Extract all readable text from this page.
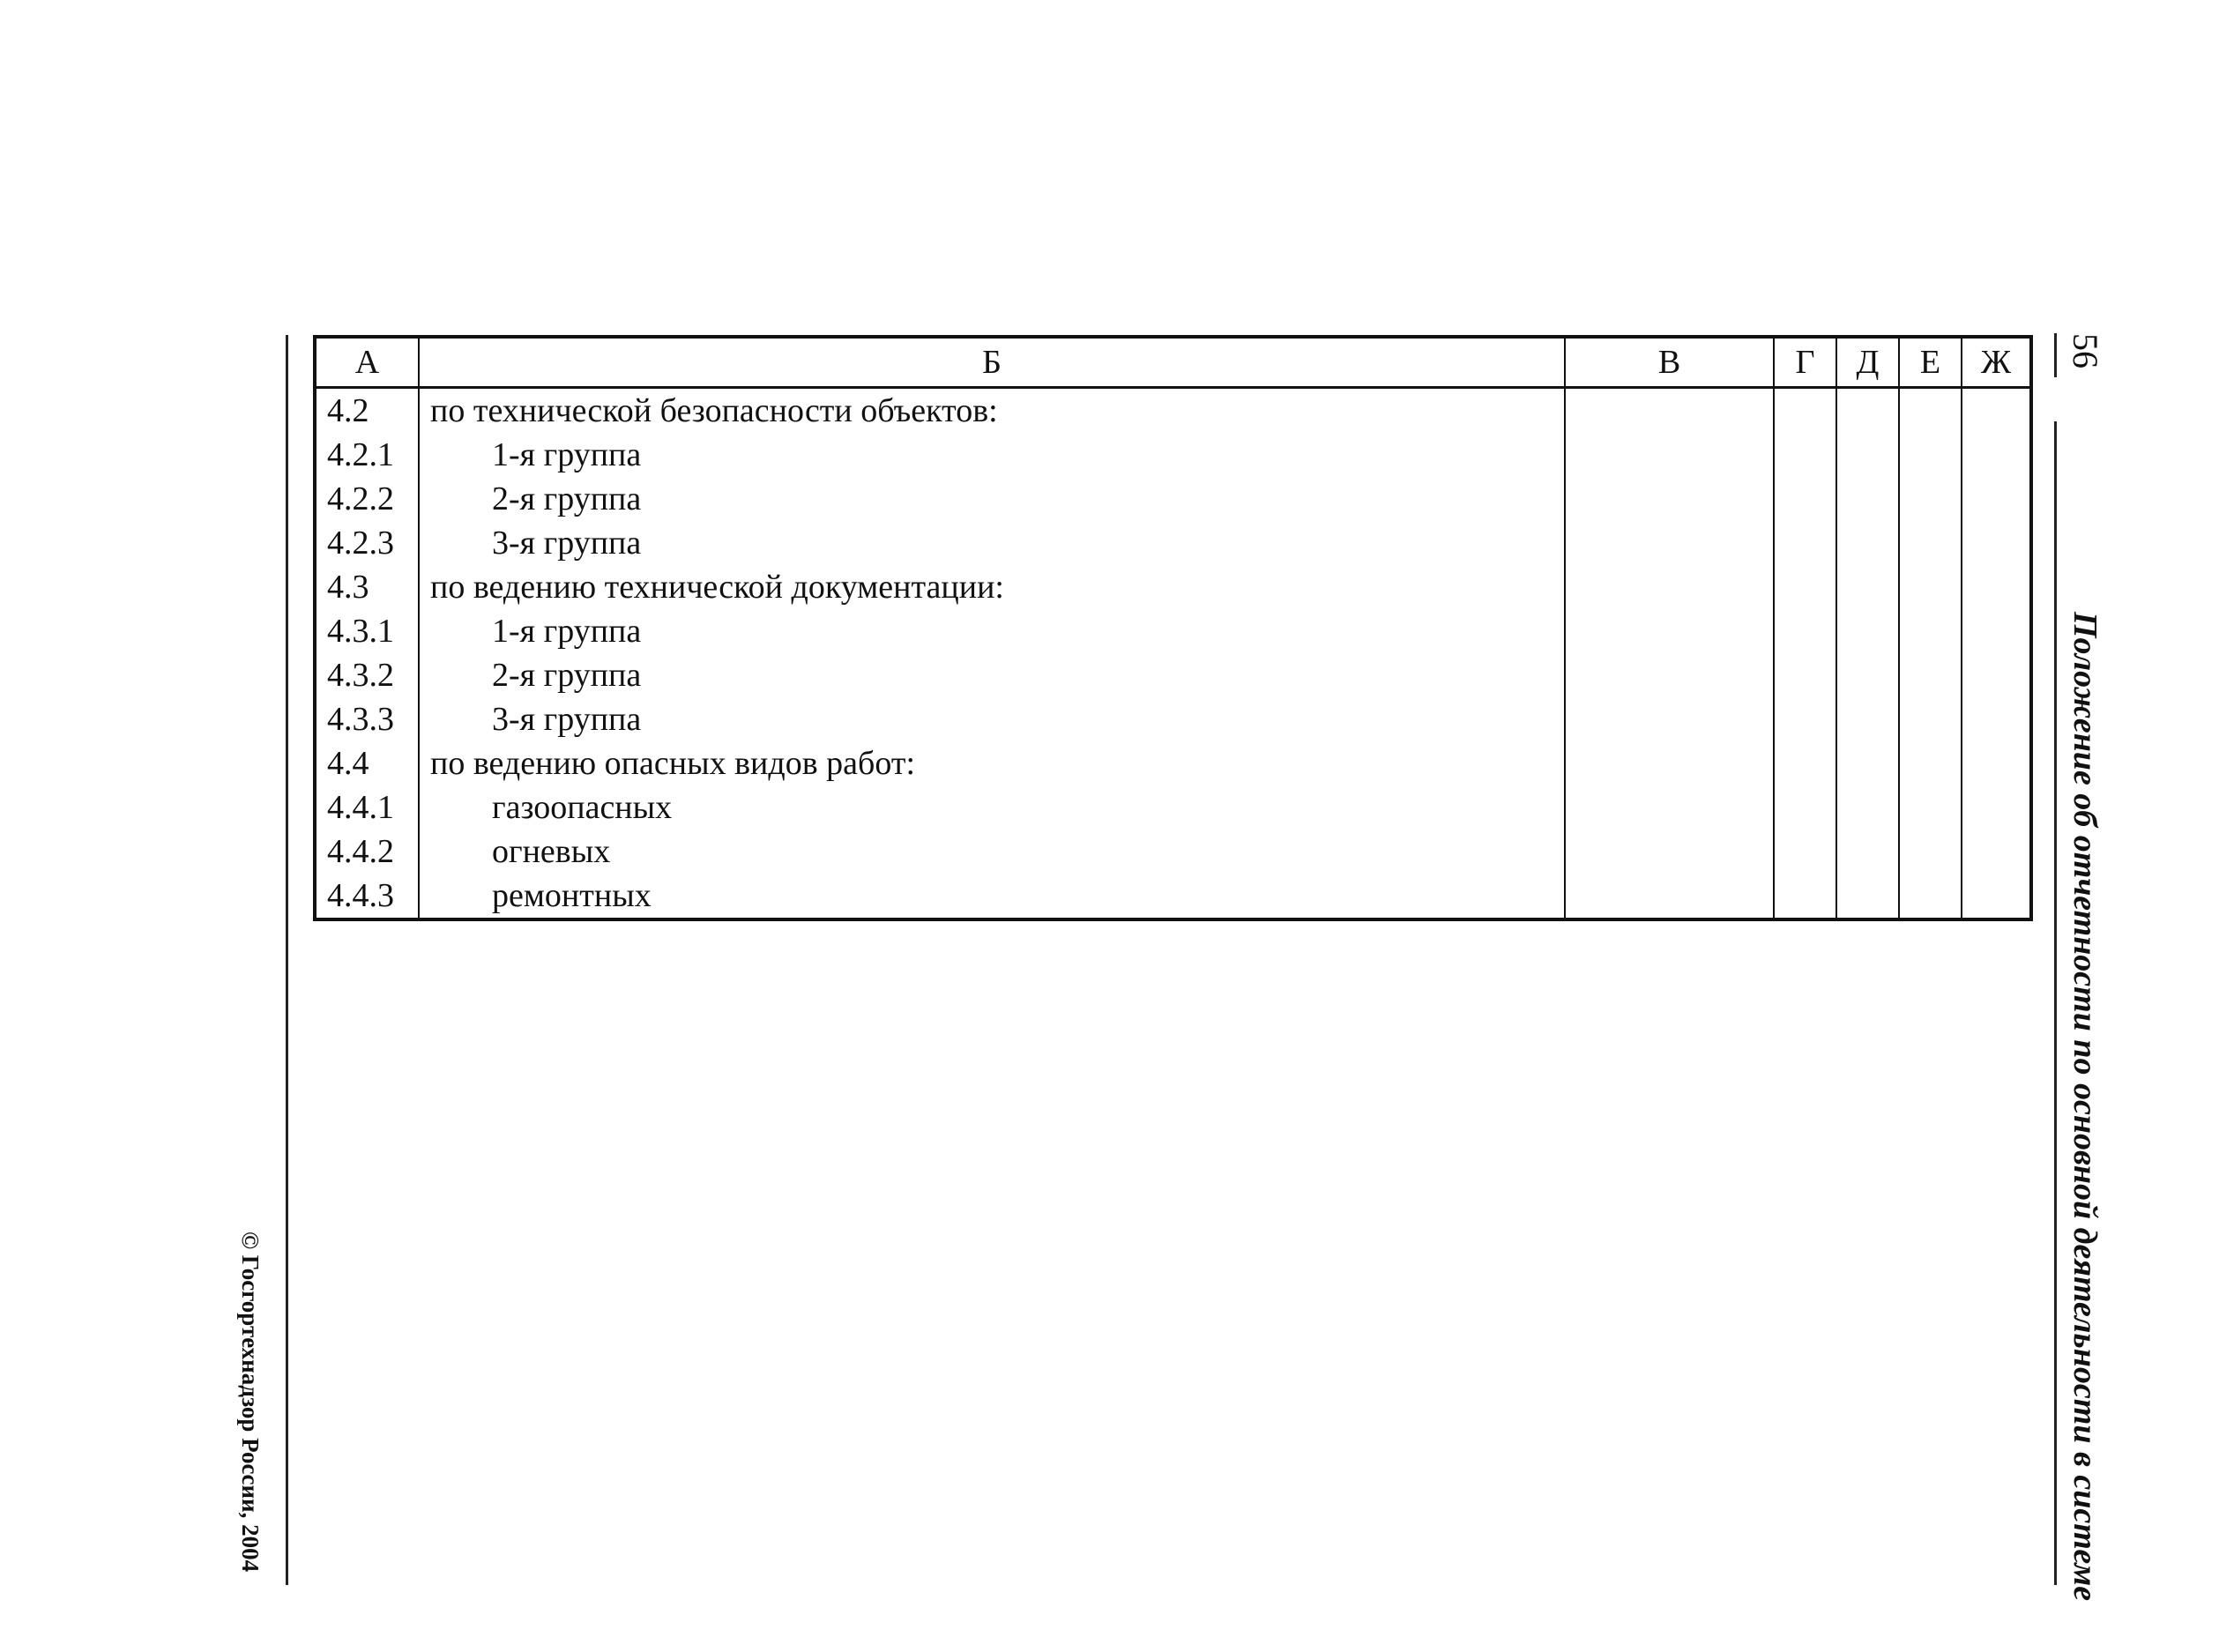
© Госгортехнадзор России, 2004
56
Положение об отчетности по основной деятельности в системе
А	Б	В	Г	Д	Е	Ж
4.2	по технической безопасности объектов:					
4.2.1	1-я группа					
4.2.2	2-я группа					
4.2.3	3-я группа					
4.3	по ведению технической документации:					
4.3.1	1-я группа					
4.3.2	2-я группа					
4.3.3	3-я группа					
4.4	по ведению опасных видов работ:					
4.4.1	газоопасных					
4.4.2	огневых					
4.4.3	ремонтных					
